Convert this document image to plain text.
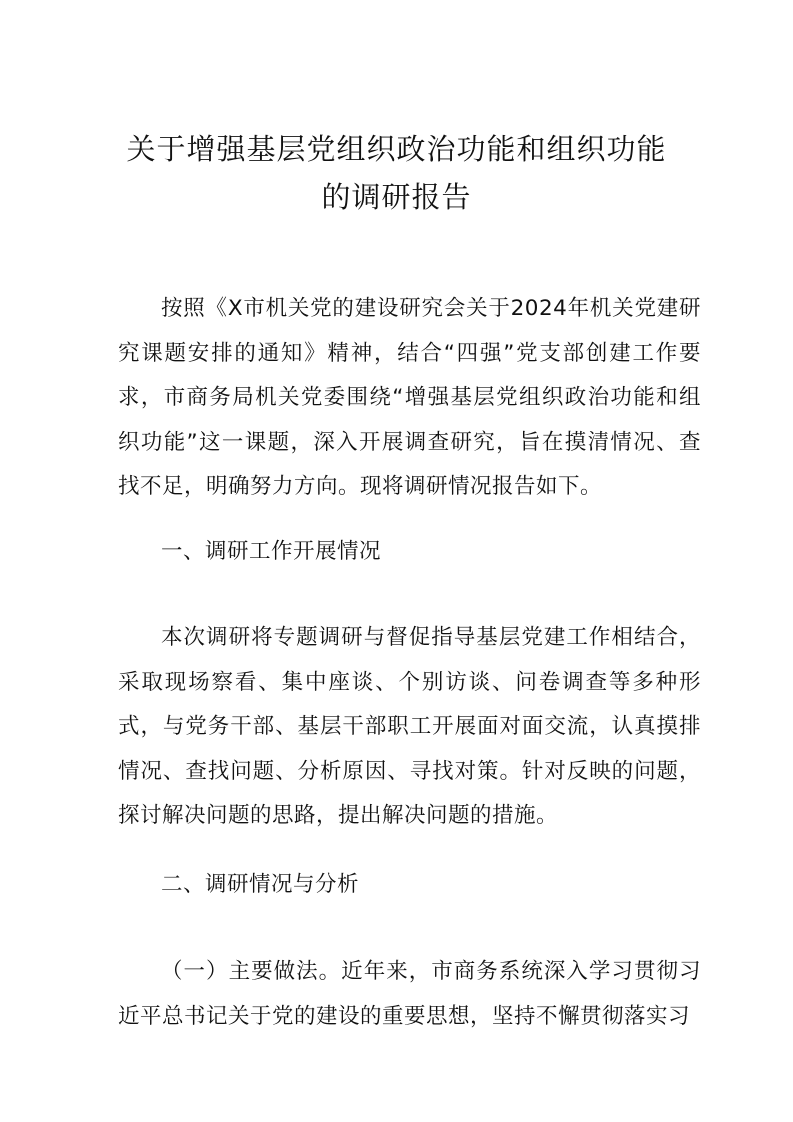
关于增强基层党组织政治功能和组织功能
的调研报告

按照《X市机关党的建设研究会关于2024年机关党建研究课题安排的通知》精神，结合“四强”党支部创建工作要求，市商务局机关党委围绕“增强基层党组织政治功能和组织功能”这一课题，深入开展调查研究，旨在摸清情况、查找不足，明确努力方向。现将调研情况报告如下。

一、调研工作开展情况

本次调研将专题调研与督促指导基层党建工作相结合，采取现场察看、集中座谈、个别访谈、问卷调查等多种形式，与党务干部、基层干部职工开展面对面交流，认真摸排情况、查找问题、分析原因、寻找对策。针对反映的问题，探讨解决问题的思路，提出解决问题的措施。

二、调研情况与分析

（一）主要做法。近年来，市商务系统深入学习贯彻习近平总书记关于党的建设的重要思想，坚持不懈贯彻落实习
